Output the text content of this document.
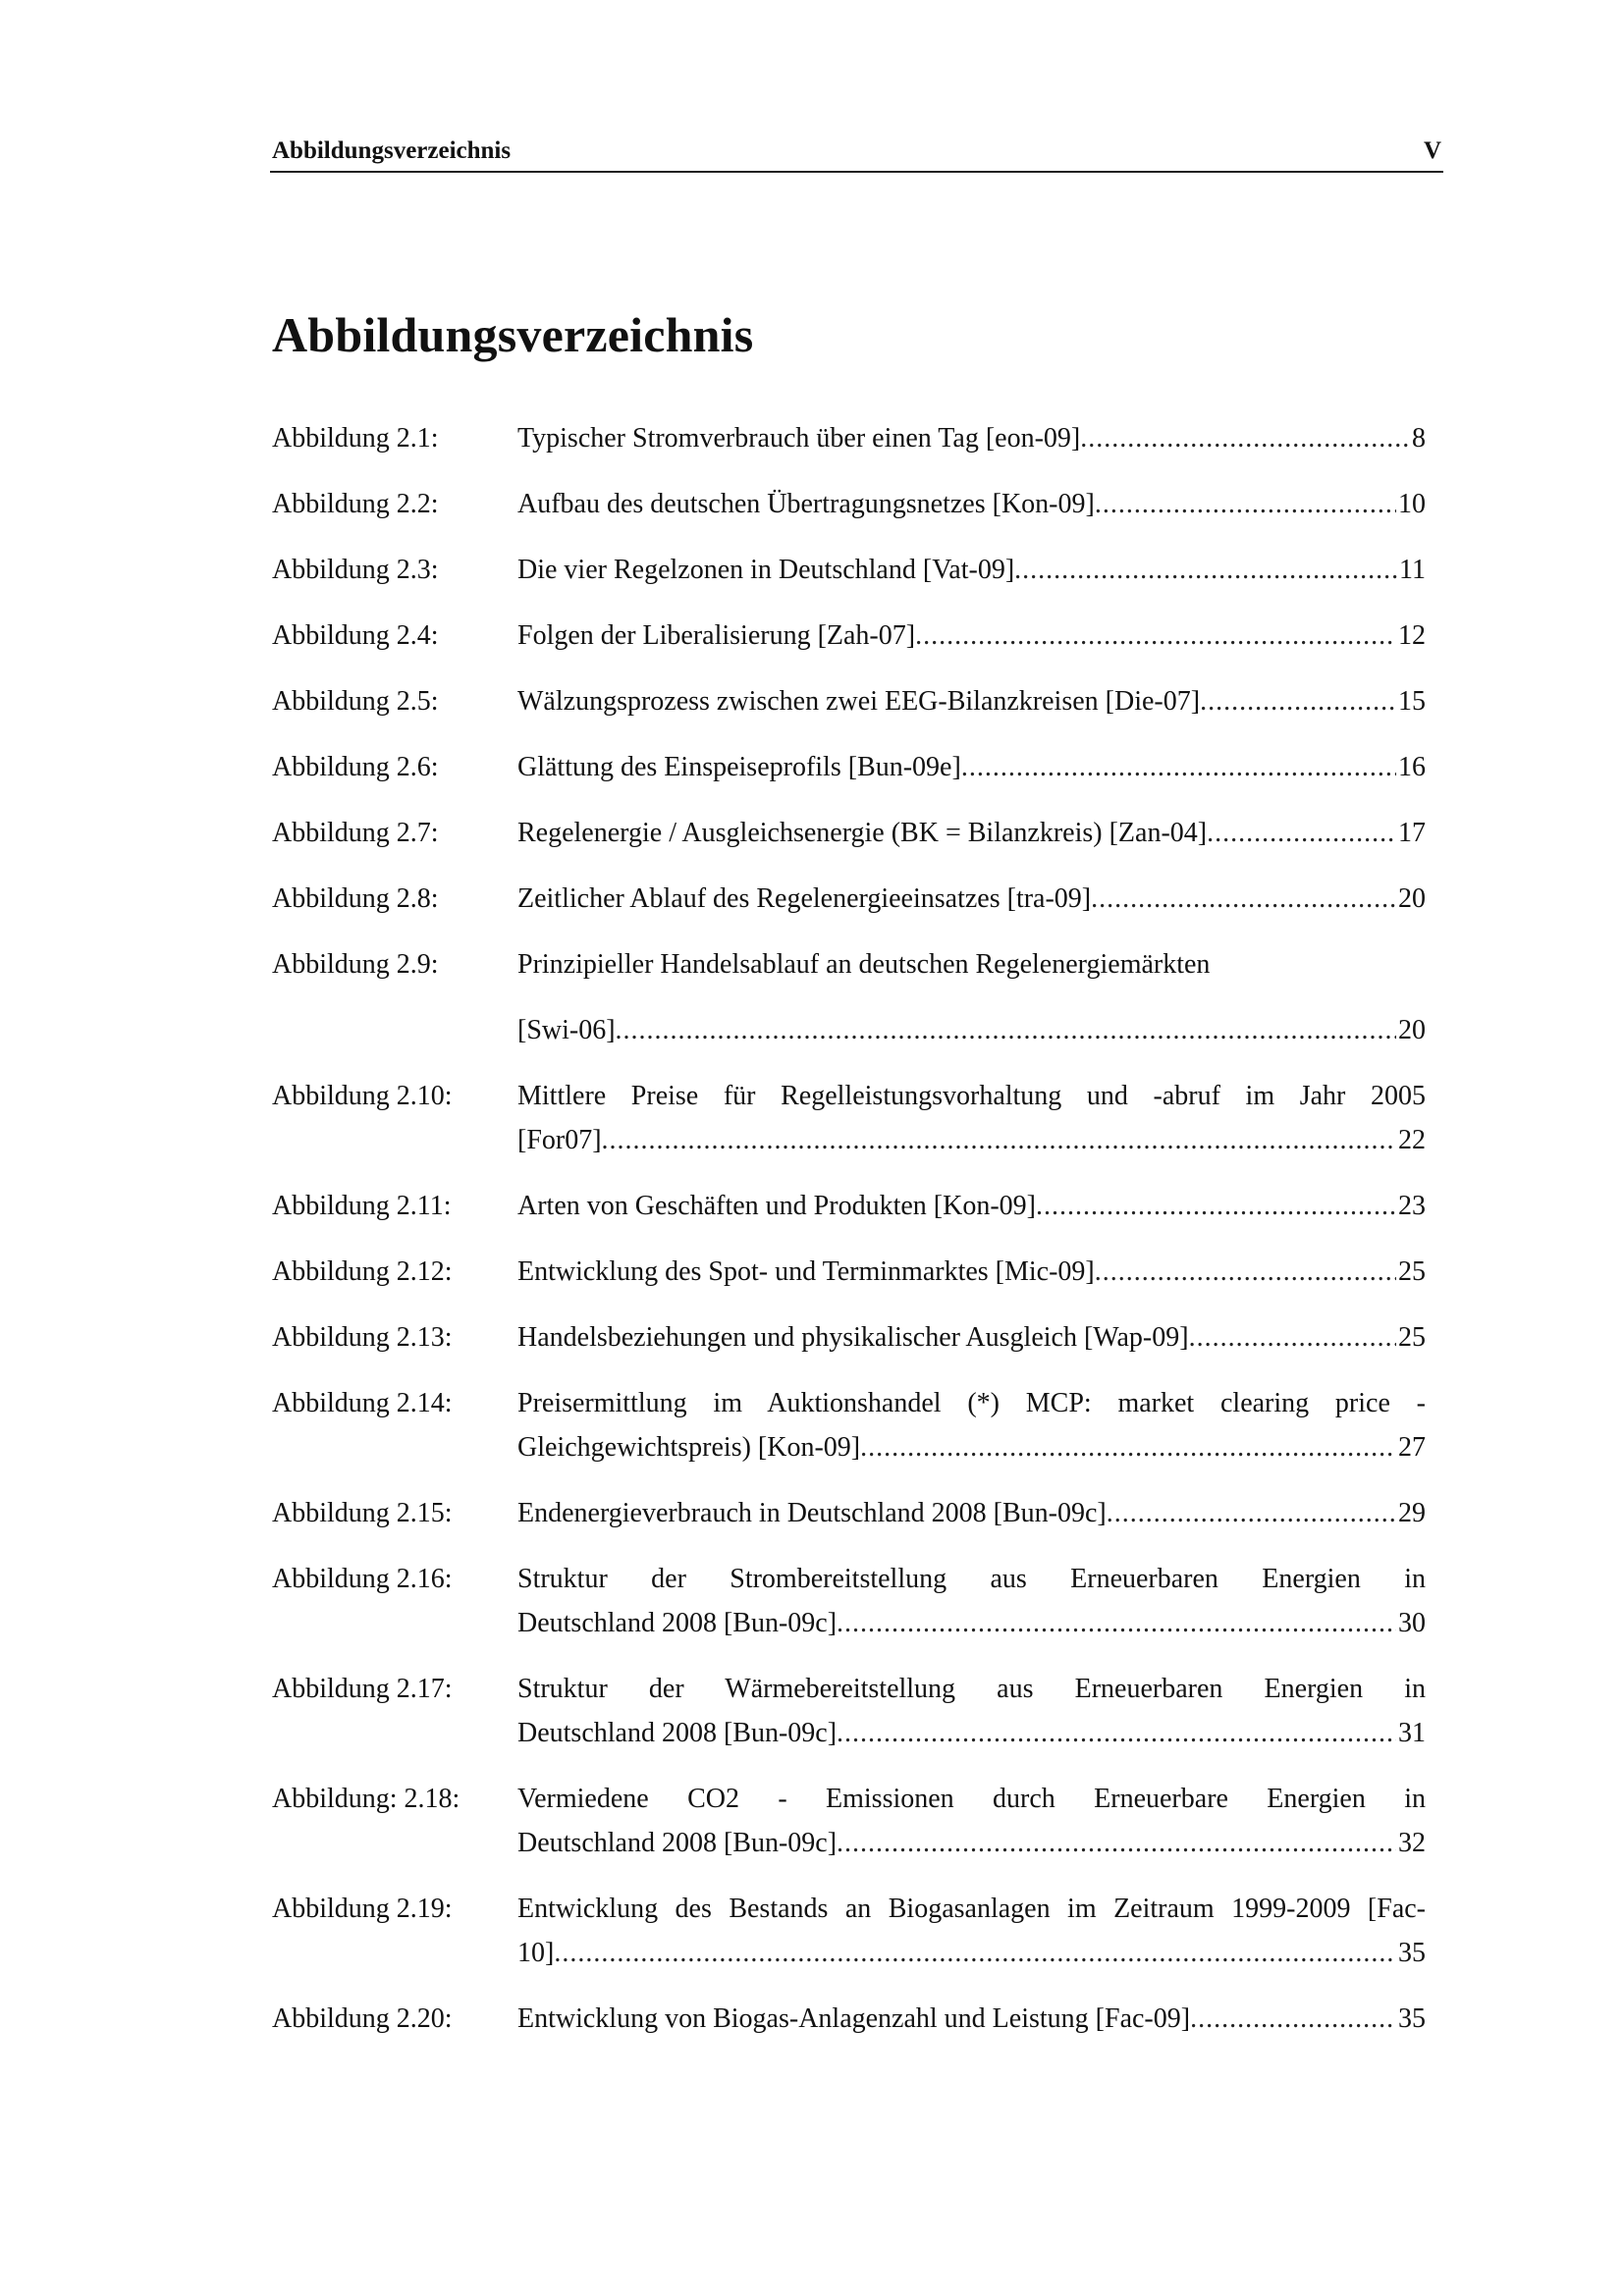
Abbildungsverzeichnis	V
Abbildungsverzeichnis
Abbildung 2.1:	Typischer Stromverbrauch über einen Tag [eon-09] .....	8
Abbildung 2.2:	Aufbau des deutschen Übertragungsnetzes [Kon-09] .....	10
Abbildung 2.3:	Die vier Regelzonen in Deutschland [Vat-09] .....	11
Abbildung 2.4:	Folgen der Liberalisierung [Zah-07] .....	12
Abbildung 2.5:	Wälzungsprozess zwischen zwei EEG-Bilanzkreisen [Die-07] .....	15
Abbildung 2.6:	Glättung des Einspeiseprofils [Bun-09e] .....	16
Abbildung 2.7:	Regelenergie / Ausgleichsenergie (BK = Bilanzkreis) [Zan-04] .....	17
Abbildung 2.8:	Zeitlicher Ablauf des Regelenergieeinsatzes [tra-09] .....	20
Abbildung 2.9:	Prinzipieller Handelsablauf an deutschen Regelenergiemärkten
[Swi-06] .....	20
Abbildung 2.10: Mittlere Preise für Regelleistungsvorhaltung und -abruf im Jahr 2005
[For07] .....	22
Abbildung 2.11: Arten von Geschäften und Produkten [Kon-09] .....	23
Abbildung 2.12: Entwicklung des Spot- und Terminmarktes [Mic-09] .....	25
Abbildung 2.13: Handelsbeziehungen und physikalischer Ausgleich [Wap-09] .....	25
Abbildung 2.14: Preisermittlung im Auktionshandel (*) MCP: market clearing price -
Gleichgewichtspreis) [Kon-09] .....	27
Abbildung 2.15: Endenergieverbrauch in Deutschland 2008 [Bun-09c] .....	29
Abbildung 2.16: Struktur der Strombereitstellung aus Erneuerbaren Energien in
Deutschland 2008 [Bun-09c] .....	30
Abbildung 2.17: Struktur der Wärmebereitstellung aus Erneuerbaren Energien in
Deutschland 2008 [Bun-09c] .....	31
Abbildung: 2.18: Vermiedene CO2 - Emissionen durch Erneuerbare Energien in
Deutschland 2008 [Bun-09c] .....	32
Abbildung 2.19: Entwicklung des Bestands an Biogasanlagen im Zeitraum 1999-2009 [Fac-
10] .....	35
Abbildung 2.20: Entwicklung von Biogas-Anlagenzahl und Leistung [Fac-09] .....	35
